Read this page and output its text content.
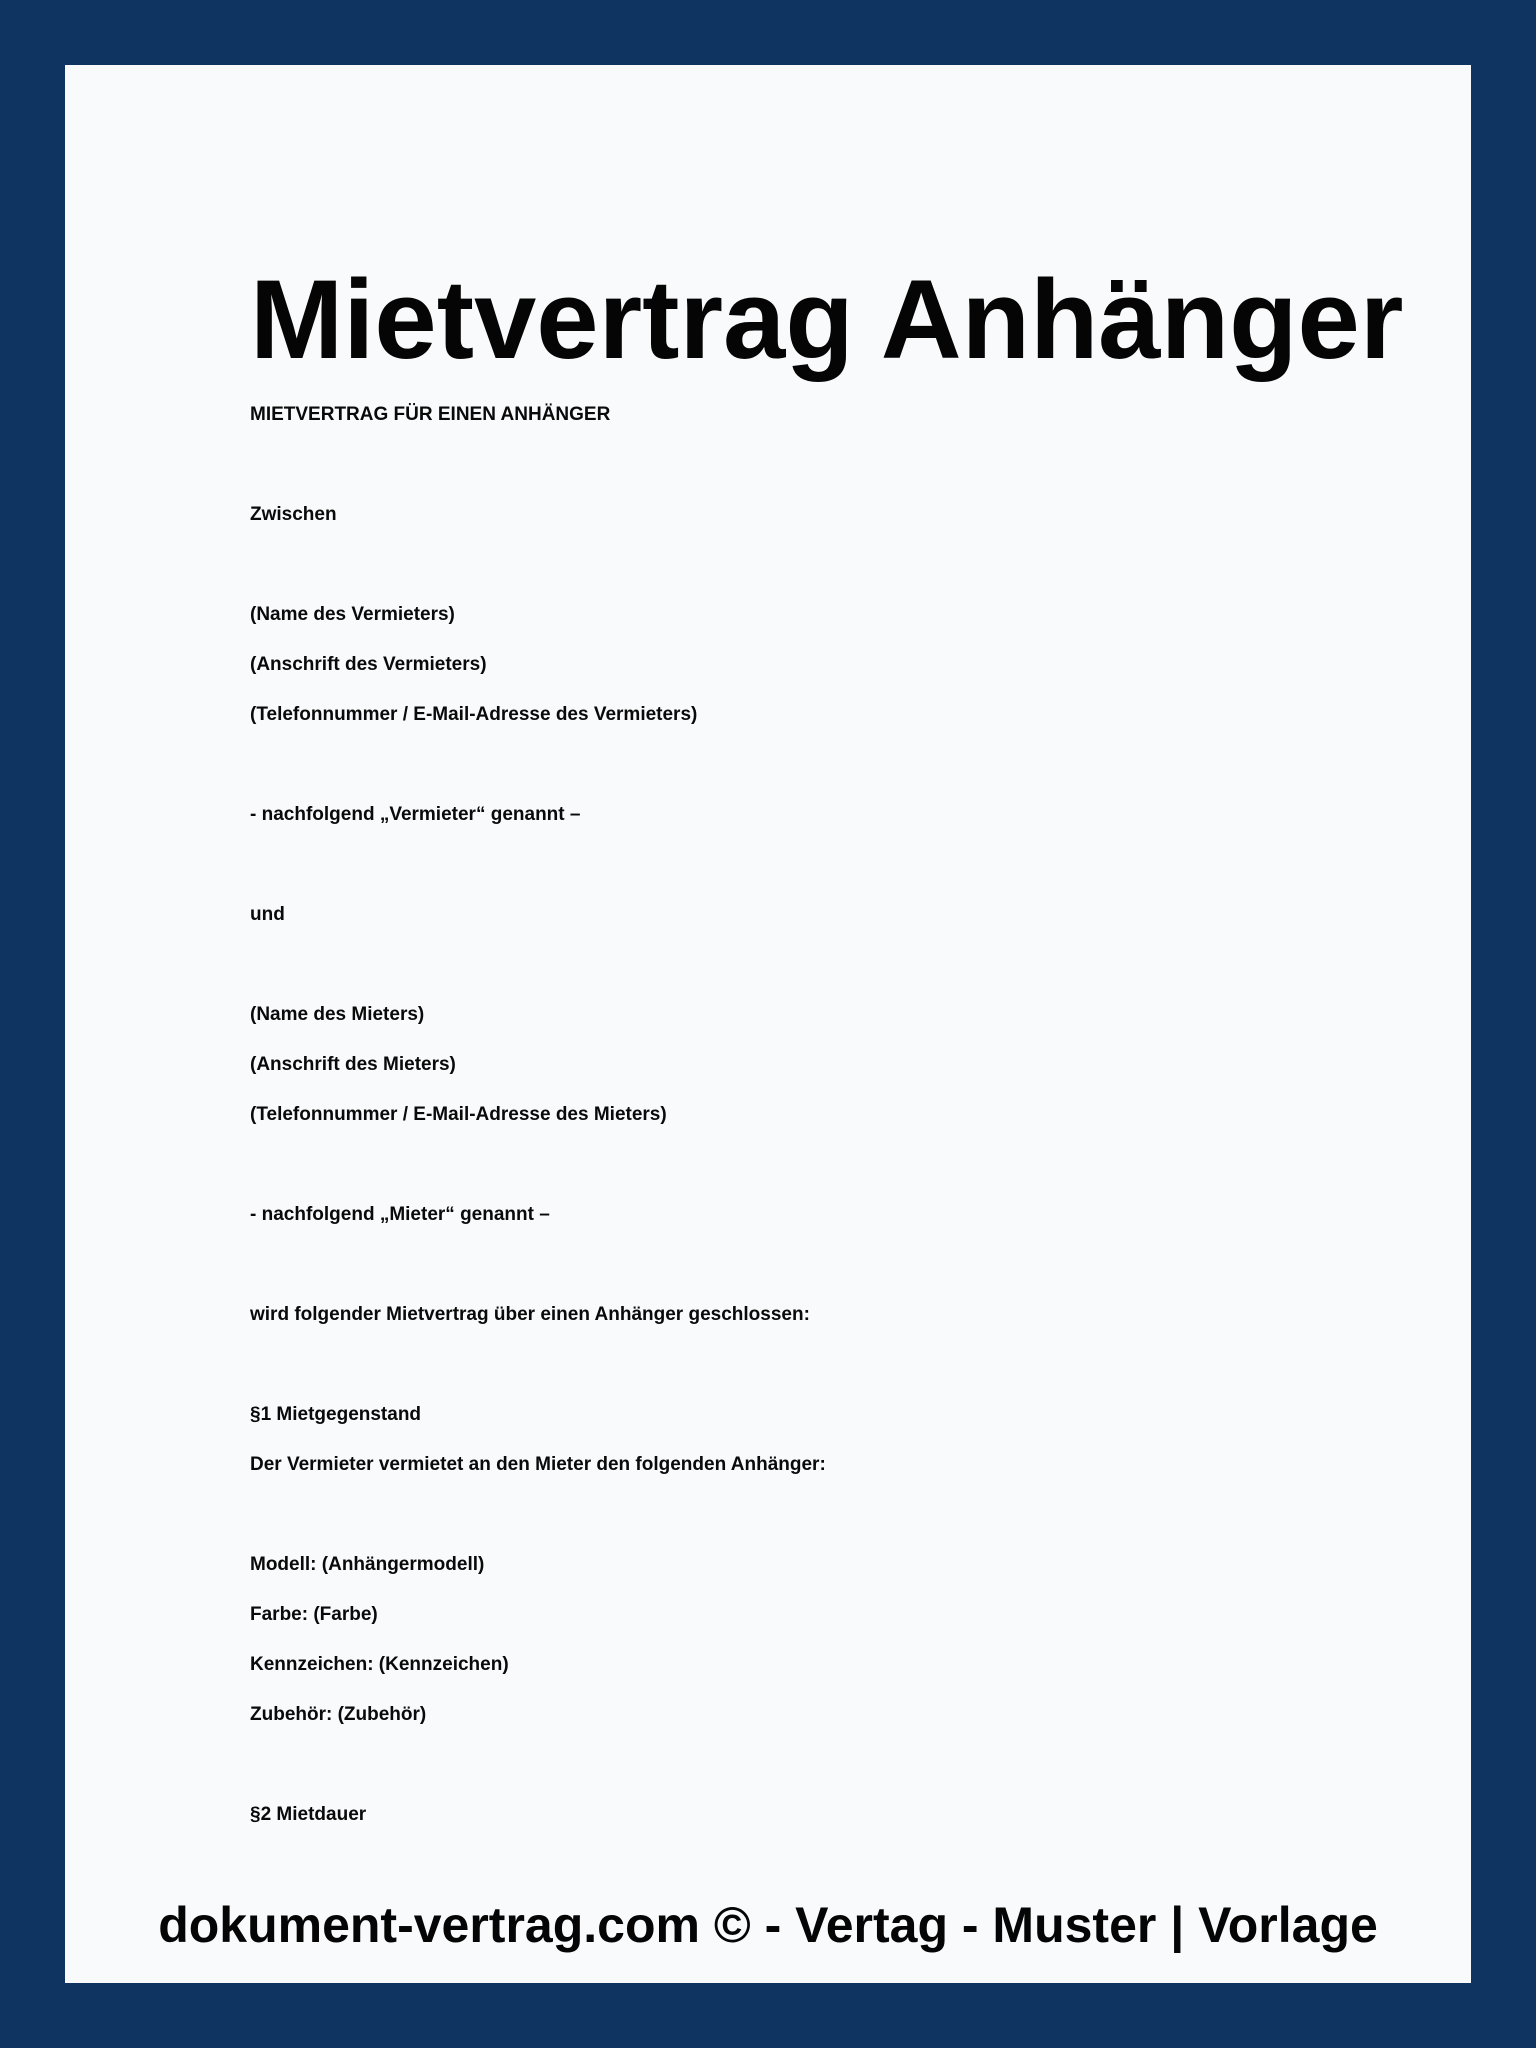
Mietvertrag Anhänger
MIETVERTRAG FÜR EINEN ANHÄNGER
Zwischen
(Name des Vermieters)
(Anschrift des Vermieters)
(Telefonnummer / E-Mail-Adresse des Vermieters)
- nachfolgend „Vermieter“ genannt –
und
(Name des Mieters)
(Anschrift des Mieters)
(Telefonnummer / E-Mail-Adresse des Mieters)
- nachfolgend „Mieter“ genannt –
wird folgender Mietvertrag über einen Anhänger geschlossen:
§1 Mietgegenstand
Der Vermieter vermietet an den Mieter den folgenden Anhänger:
Modell: (Anhängermodell)
Farbe: (Farbe)
Kennzeichen: (Kennzeichen)
Zubehör: (Zubehör)
§2 Mietdauer
dokument-vertrag.com © - Vertag - Muster | Vorlage
